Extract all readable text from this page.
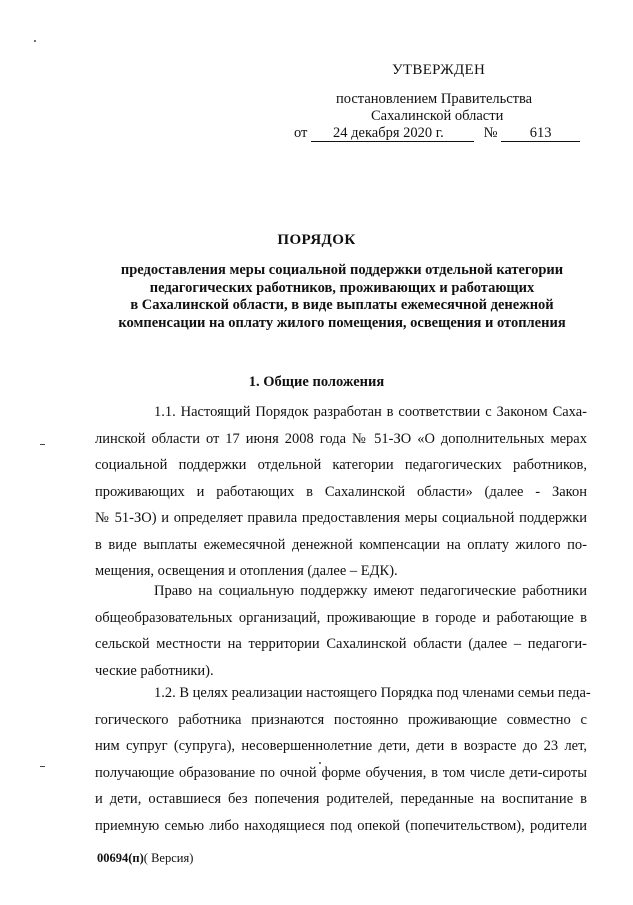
УТВЕРЖДЕН
постановлением Правительства
Сахалинской области
от 24 декабря 2020 г.	№ 613
ПОРЯДОК
предоставления меры социальной поддержки отдельной категории
педагогических работников, проживающих и работающих
в Сахалинской области, в виде выплаты ежемесячной денежной
компенсации на оплату жилого помещения, освещения и отопления
1. Общие положения
1.1. Настоящий Порядок разработан в соответствии с Законом Саха-
линской области от 17 июня 2008 года № 51-ЗО «О дополнительных мерах
социальной поддержки отдельной категории педагогических работников,
проживающих и работающих в Сахалинской области» (далее - Закон
№ 51-ЗО) и определяет правила предоставления меры социальной поддержки
в виде выплаты ежемесячной денежной компенсации на оплату жилого по-
мещения, освещения и отопления (далее – ЕДК).
Право на социальную поддержку имеют педагогические работники
общеобразовательных организаций, проживающие в городе и работающие в
сельской местности на территории Сахалинской области (далее – педагоги-
ческие работники).
1.2. В целях реализации настоящего Порядка под членами семьи педа-
гогического работника признаются постоянно проживающие совместно с
ним супруг (супруга), несовершеннолетние дети, дети в возрасте до 23 лет,
получающие образование по очной форме обучения, в том числе дети-сироты
и дети, оставшиеся без попечения родителей, переданные на воспитание в
приемную семью либо находящиеся под опекой (попечительством), родители
00694(п)( Версия)
